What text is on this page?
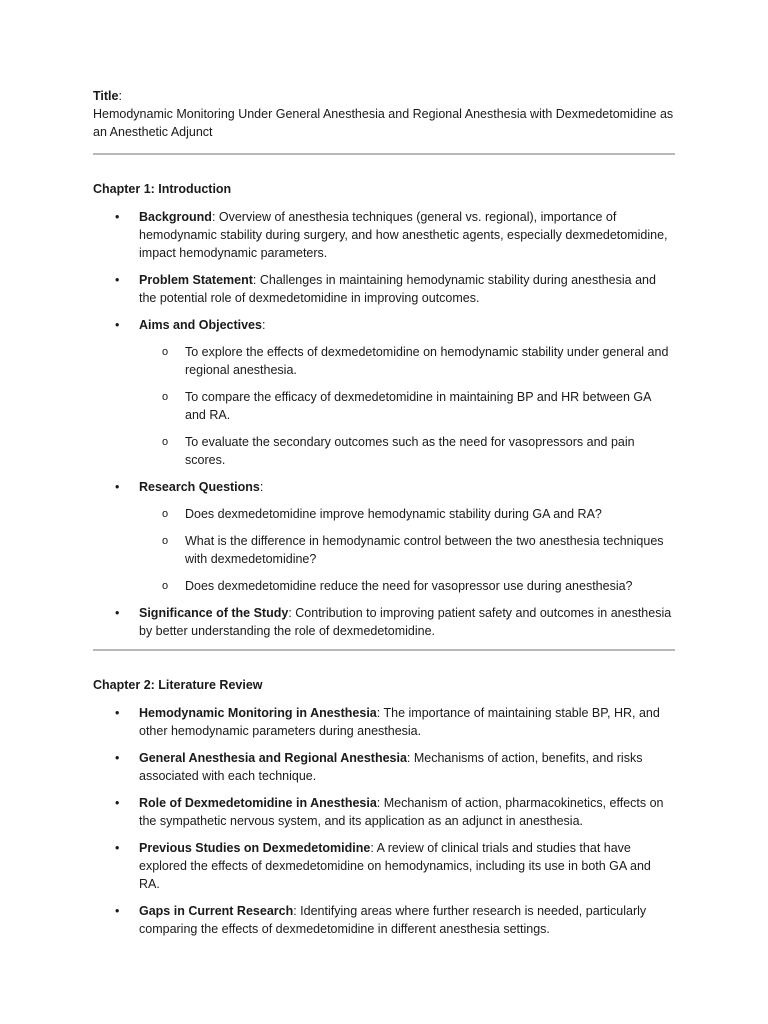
Title:
Hemodynamic Monitoring Under General Anesthesia and Regional Anesthesia with Dexmedetomidine as an Anesthetic Adjunct
Chapter 1: Introduction
• Background: Overview of anesthesia techniques (general vs. regional), importance of hemodynamic stability during surgery, and how anesthetic agents, especially dexmedetomidine, impact hemodynamic parameters.
• Problem Statement: Challenges in maintaining hemodynamic stability during anesthesia and the potential role of dexmedetomidine in improving outcomes.
• Aims and Objectives:
o To explore the effects of dexmedetomidine on hemodynamic stability under general and regional anesthesia.
o To compare the efficacy of dexmedetomidine in maintaining BP and HR between GA and RA.
o To evaluate the secondary outcomes such as the need for vasopressors and pain scores.
• Research Questions:
o Does dexmedetomidine improve hemodynamic stability during GA and RA?
o What is the difference in hemodynamic control between the two anesthesia techniques with dexmedetomidine?
o Does dexmedetomidine reduce the need for vasopressor use during anesthesia?
• Significance of the Study: Contribution to improving patient safety and outcomes in anesthesia by better understanding the role of dexmedetomidine.
Chapter 2: Literature Review
• Hemodynamic Monitoring in Anesthesia: The importance of maintaining stable BP, HR, and other hemodynamic parameters during anesthesia.
• General Anesthesia and Regional Anesthesia: Mechanisms of action, benefits, and risks associated with each technique.
• Role of Dexmedetomidine in Anesthesia: Mechanism of action, pharmacokinetics, effects on the sympathetic nervous system, and its application as an adjunct in anesthesia.
• Previous Studies on Dexmedetomidine: A review of clinical trials and studies that have explored the effects of dexmedetomidine on hemodynamics, including its use in both GA and RA.
• Gaps in Current Research: Identifying areas where further research is needed, particularly comparing the effects of dexmedetomidine in different anesthesia settings.
